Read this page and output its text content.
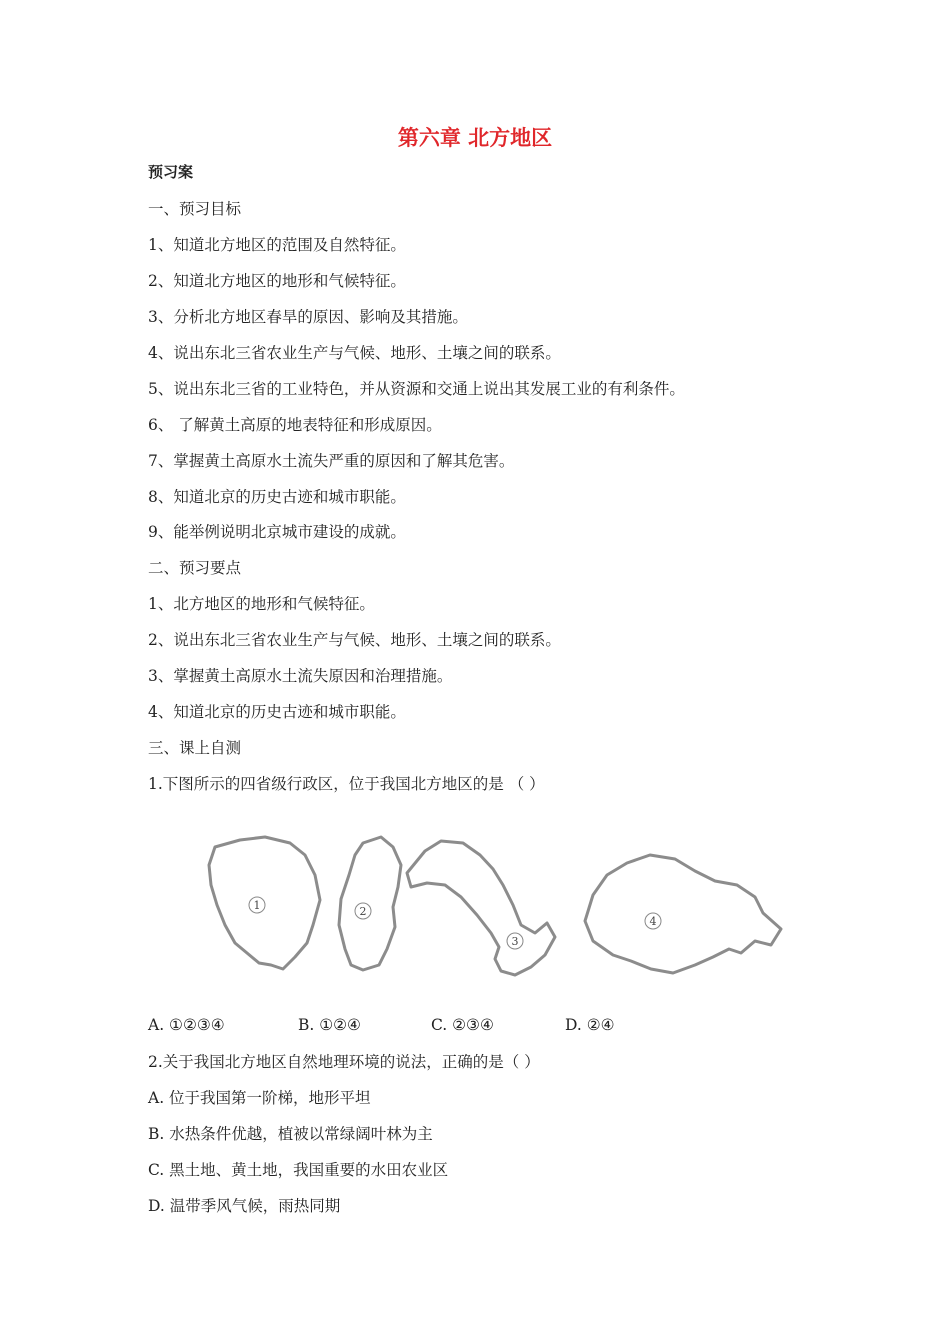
第六章 北方地区
预习案
一、预习目标
1、知道北方地区的范围及自然特征。
2、知道北方地区的地形和气候特征。
3、分析北方地区春旱的原因、影响及其措施。
4、说出东北三省农业生产与气候、地形、土壤之间的联系。
5、说出东北三省的工业特色，并从资源和交通上说出其发展工业的有利条件。
6、 了解黄土高原的地表特征和形成原因。
7、掌握黄土高原水土流失严重的原因和了解其危害。
8、知道北京的历史古迹和城市职能。
9、能举例说明北京城市建设的成就。
二、预习要点
1、北方地区的地形和气候特征。
2、说出东北三省农业生产与气候、地形、土壤之间的联系。
3、掌握黄土高原水土流失原因和治理措施。
4、知道北京的历史古迹和城市职能。
三、课上自测
1.下图所示的四省级行政区，位于我国北方地区的是 （ ）
1	2
3
4
A. ①②③④	B. ①②④	C. ②③④	D. ②④
2.关于我国北方地区自然地理环境的说法，正确的是（ ）
A. 位于我国第一阶梯，地形平坦
B. 水热条件优越，植被以常绿阔叶林为主
C. 黑土地、黄土地，我国重要的水田农业区
D. 温带季风气候，雨热同期
